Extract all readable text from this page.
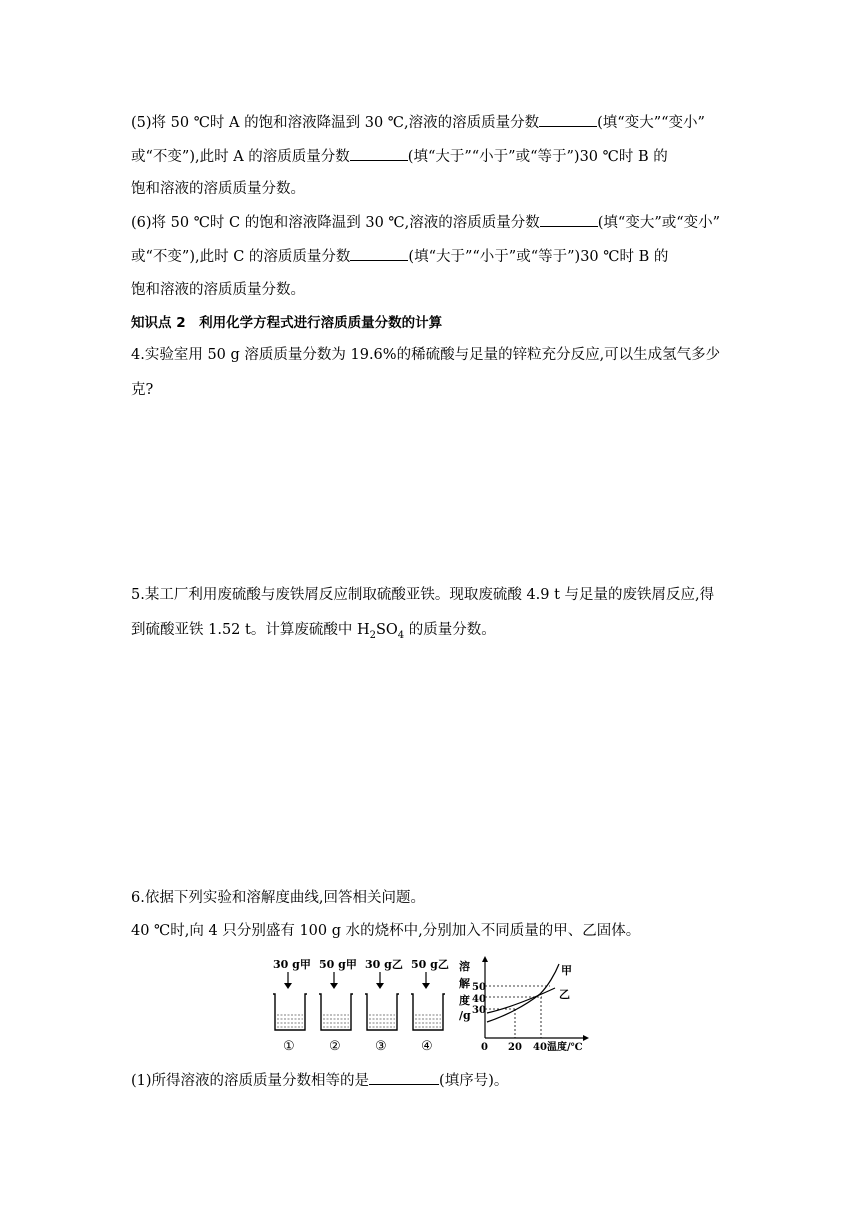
(5)将 50 ℃时 A 的饱和溶液降温到 30 ℃,溶液的溶质质量分数	(填“变大”“变小”
或“不变”),此时 A 的溶质质量分数	(填“大于”“小于”或“等于”)30 ℃时 B 的
饱和溶液的溶质质量分数。
(6)将 50 ℃时 C 的饱和溶液降温到 30 ℃,溶液的溶质质量分数	(填“变大”或“变小”
或“不变”),此时 C 的溶质质量分数	(填“大于”“小于”或“等于”)30 ℃时 B 的
饱和溶液的溶质质量分数。
知识点 2　利用化学方程式进行溶质质量分数的计算
4.实验室用 50 g 溶质质量分数为 19.6%的稀硫酸与足量的锌粒充分反应,可以生成氢气多少
克?
5.某工厂利用废硫酸与废铁屑反应制取硫酸亚铁。现取废硫酸 4.9 t 与足量的废铁屑反应,得
到硫酸亚铁 1.52 t。计算废硫酸中 $H_2SO_4$ 的质量分数。
6.依据下列实验和溶解度曲线,回答相关问题。
40 ℃时,向 4 只分别盛有 100 g 水的烧杯中,分别加入不同质量的甲、乙固体。
30 g甲
①
50 g甲
②
30 g乙
③
50 g乙
④
溶
解
度
/g
50
40
30
0 20 40 温度/℃
甲
乙
(1)所得溶液的溶质质量分数相等的是	(填序号)。
